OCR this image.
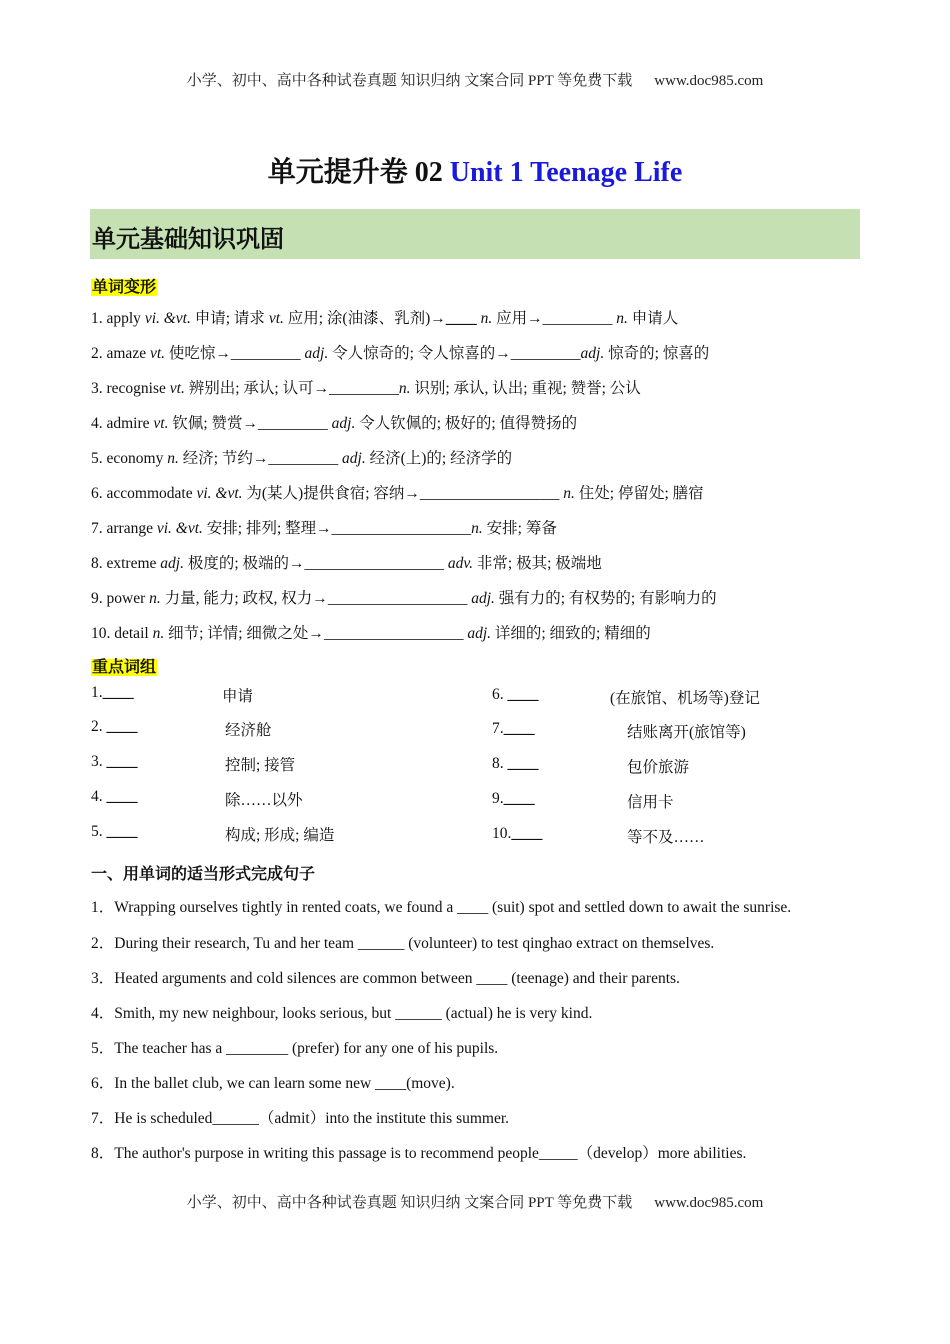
小学、初中、高中各种试卷真题 知识归纳 文案合同 PPT 等免费下载 www.doc985.com
单元提升卷 02 Unit 1 Teenage Life
单元基础知识巩固
单词变形
1. apply vi. &vt. 申请; 请求 vt. 应用; 涂(油漆、乳剂)→____ n. 应用→_________ n. 申请人
2. amaze vt. 使吃惊→_________ adj. 令人惊奇的; 令人惊喜的→_________adj. 惊奇的; 惊喜的
3. recognise vt. 辨别出; 承认; 认可→_________n. 识别; 承认, 认出; 重视; 赞誉; 公认
4. admire vt. 钦佩; 赞赏→_________ adj. 令人钦佩的; 极好的; 值得赞扬的
5. economy n. 经济; 节约→_________ adj. 经济(上)的; 经济学的
6. accommodate vi. &vt. 为(某人)提供食宿; 容纳→__________________ n. 住处; 停留处; 膳宿
7. arrange vi. &vt. 安排; 排列; 整理→__________________n. 安排; 筹备
8. extreme adj. 极度的; 极端的→__________________ adv. 非常; 极其; 极端地
9. power n. 力量, 能力; 政权, 权力→__________________ adj. 强有力的; 有权势的; 有影响力的
10. detail n. 细节; 详情; 细微之处→__________________ adj. 详细的; 细致的; 精细的
重点词组
1.____	申请
2. ____	经济舱
3. ____	控制; 接管
4. ____	除……以外
5. ____	构成; 形成; 编造
6. ____	(在旅馆、机场等)登记
7.____	结账离开(旅馆等)
8. ____	包价旅游
9.____	信用卡
10.____	等不及……
一、用单词的适当形式完成句子
1．Wrapping ourselves tightly in rented coats, we found a ____ (suit) spot and settled down to await the sunrise.
2．During their research, Tu and her team ______ (volunteer) to test qinghao extract on themselves.
3．Heated arguments and cold silences are common between ____ (teenage) and their parents.
4．Smith, my new neighbour, looks serious, but ______ (actual) he is very kind.
5．The teacher has a ________ (prefer) for any one of his pupils.
6．In the ballet club, we can learn some new ____(move).
7．He is scheduled______（admit）into the institute this summer.
8．The author's purpose in writing this passage is to recommend people_____（develop）more abilities.
小学、初中、高中各种试卷真题 知识归纳 文案合同 PPT 等免费下载 www.doc985.com
